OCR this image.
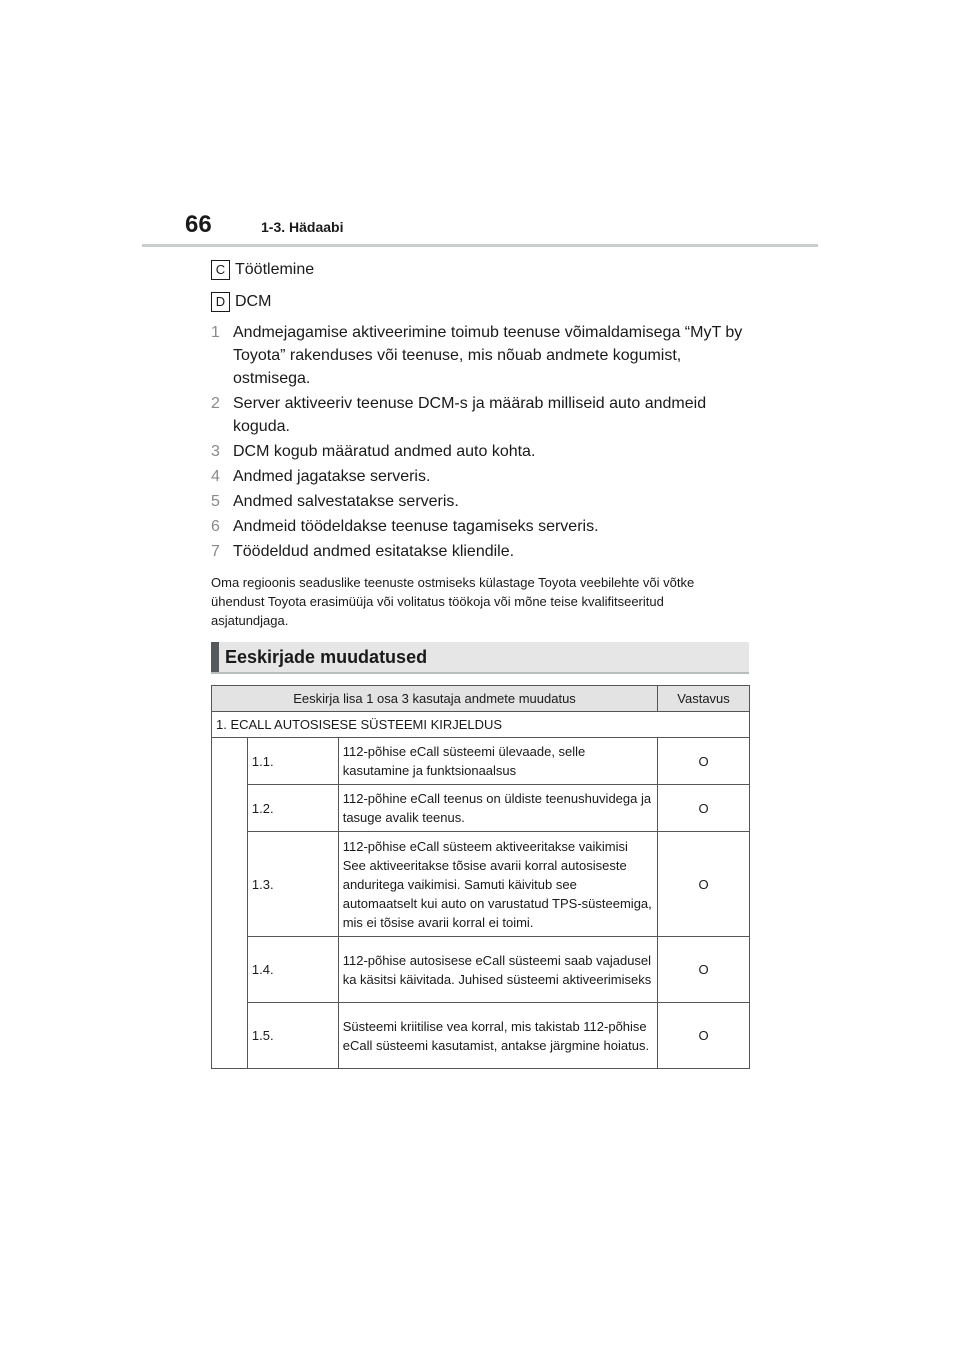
66	1-3. Hädaabi
C Töötlemine
D DCM
1 Andmejagamise aktiveerimine toimub teenuse võimaldamisega “MyT by Toyota” rakenduses või teenuse, mis nõuab andmete kogumist, ostmisega.
2 Server aktiveeriv teenuse DCM-s ja määrab milliseid auto andmeid koguda.
3 DCM kogub määratud andmed auto kohta.
4 Andmed jagatakse serveris.
5 Andmed salvestatakse serveris.
6 Andmeid töödeldakse teenuse tagamiseks serveris.
7 Töödeldud andmed esitatakse kliendile.

Oma regioonis seaduslike teenuste ostmiseks külastage Toyota veebilehte või võtke ühendust Toyota erasimüüja või volitatus töökoja või mõne teise kvalifitseeritud asjatundjaga.

Eeskirjade muudatused
Eeskirja lisa 1 osa 3 kasutaja andmete muudatus			Vastavus
1. ECALL AUTOSISESE SÜSTEEMI KIRJELDUS			
	1.1.	112-põhise eCall süsteemi ülevaade, selle kasutamine ja funktsionaalsus	O
	1.2.	112-põhine eCall teenus on üldiste teenushuvidega ja tasuge avalik teenus.	O
	1.3.	112-põhise eCall süsteem aktiveeritakse vaikimisi See aktiveeritakse tõsise avarii korral autosiseste anduritega vaikimisi. Samuti käivitub see automaatselt kui auto on varustatud TPS-süsteemiga, mis ei tõsise avarii korral ei toimi.	O
	1.4.	112-põhise autosisese eCall süsteemi saab vajadusel ka käsitsi käivitada. Juhised süsteemi aktiveerimiseks	O
	1.5.	Süsteemi kriitilise vea korral, mis takistab 112-põhise eCall süsteemi kasutamist, antakse järgmine hoiatus.	O
